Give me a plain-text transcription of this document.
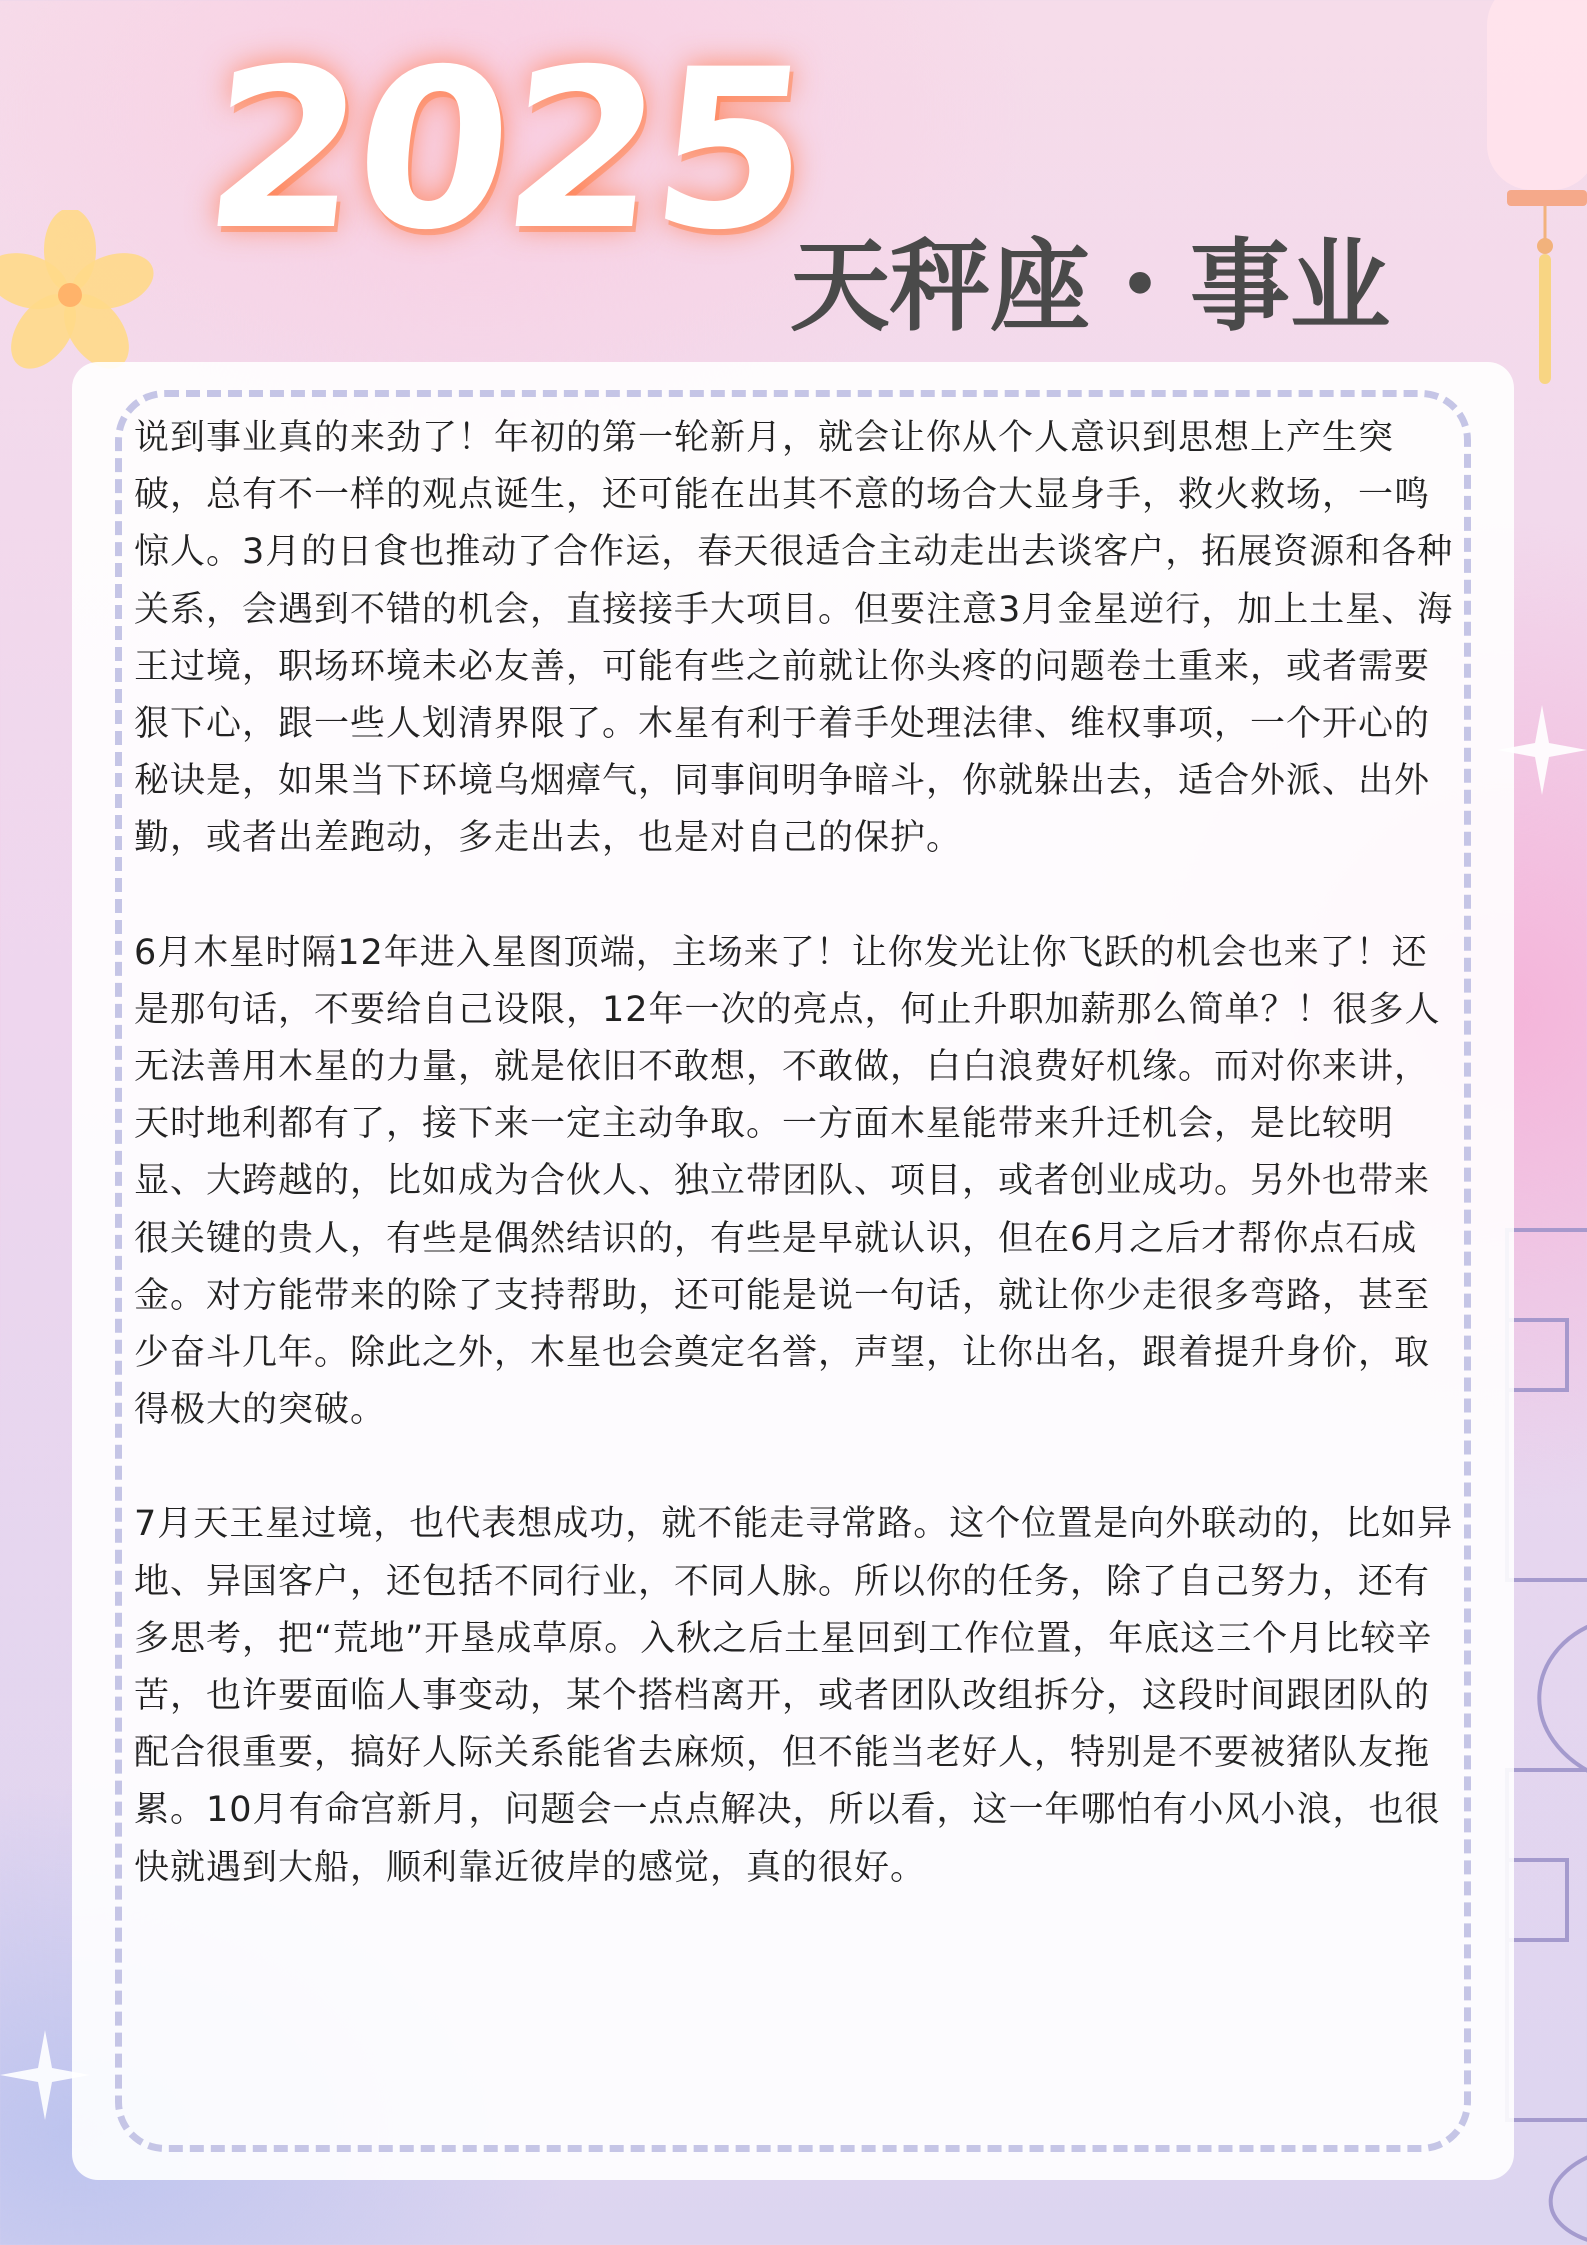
2025
天秤座・事业

说到事业真的来劲了！年初的第一轮新月，就会让你从个人意识到思想上产生突破，总有不一样的观点诞生，还可能在出其不意的场合大显身手，救火救场，一鸣惊人。3月的日食也推动了合作运，春天很适合主动走出去谈客户，拓展资源和各种关系，会遇到不错的机会，直接接手大项目。但要注意3月金星逆行，加上土星、海王过境，职场环境未必友善，可能有些之前就让你头疼的问题卷土重来，或者需要狠下心，跟一些人划清界限了。木星有利于着手处理法律、维权事项，一个开心的秘诀是，如果当下环境乌烟瘴气，同事间明争暗斗，你就躲出去，适合外派、出外勤，或者出差跑动，多走出去，也是对自己的保护。

6月木星时隔12年进入星图顶端，主场来了！让你发光让你飞跃的机会也来了！还是那句话，不要给自己设限，12年一次的亮点，何止升职加薪那么简单？！很多人无法善用木星的力量，就是依旧不敢想，不敢做，白白浪费好机缘。而对你来讲，天时地利都有了，接下来一定主动争取。一方面木星能带来升迁机会，是比较明显、大跨越的，比如成为合伙人、独立带团队、项目，或者创业成功。另外也带来很关键的贵人，有些是偶然结识的，有些是早就认识，但在6月之后才帮你点石成金。对方能带来的除了支持帮助，还可能是说一句话，就让你少走很多弯路，甚至少奋斗几年。除此之外，木星也会奠定名誉，声望，让你出名，跟着提升身价，取得极大的突破。

7月天王星过境，也代表想成功，就不能走寻常路。这个位置是向外联动的，比如异地、异国客户，还包括不同行业，不同人脉。所以你的任务，除了自己努力，还有多思考，把“荒地”开垦成草原。入秋之后土星回到工作位置，年底这三个月比较辛苦，也许要面临人事变动，某个搭档离开，或者团队改组拆分，这段时间跟团队的配合很重要，搞好人际关系能省去麻烦，但不能当老好人，特别是不要被猪队友拖累。10月有命宫新月，问题会一点点解决，所以看，这一年哪怕有小风小浪，也很快就遇到大船，顺利靠近彼岸的感觉，真的很好。
